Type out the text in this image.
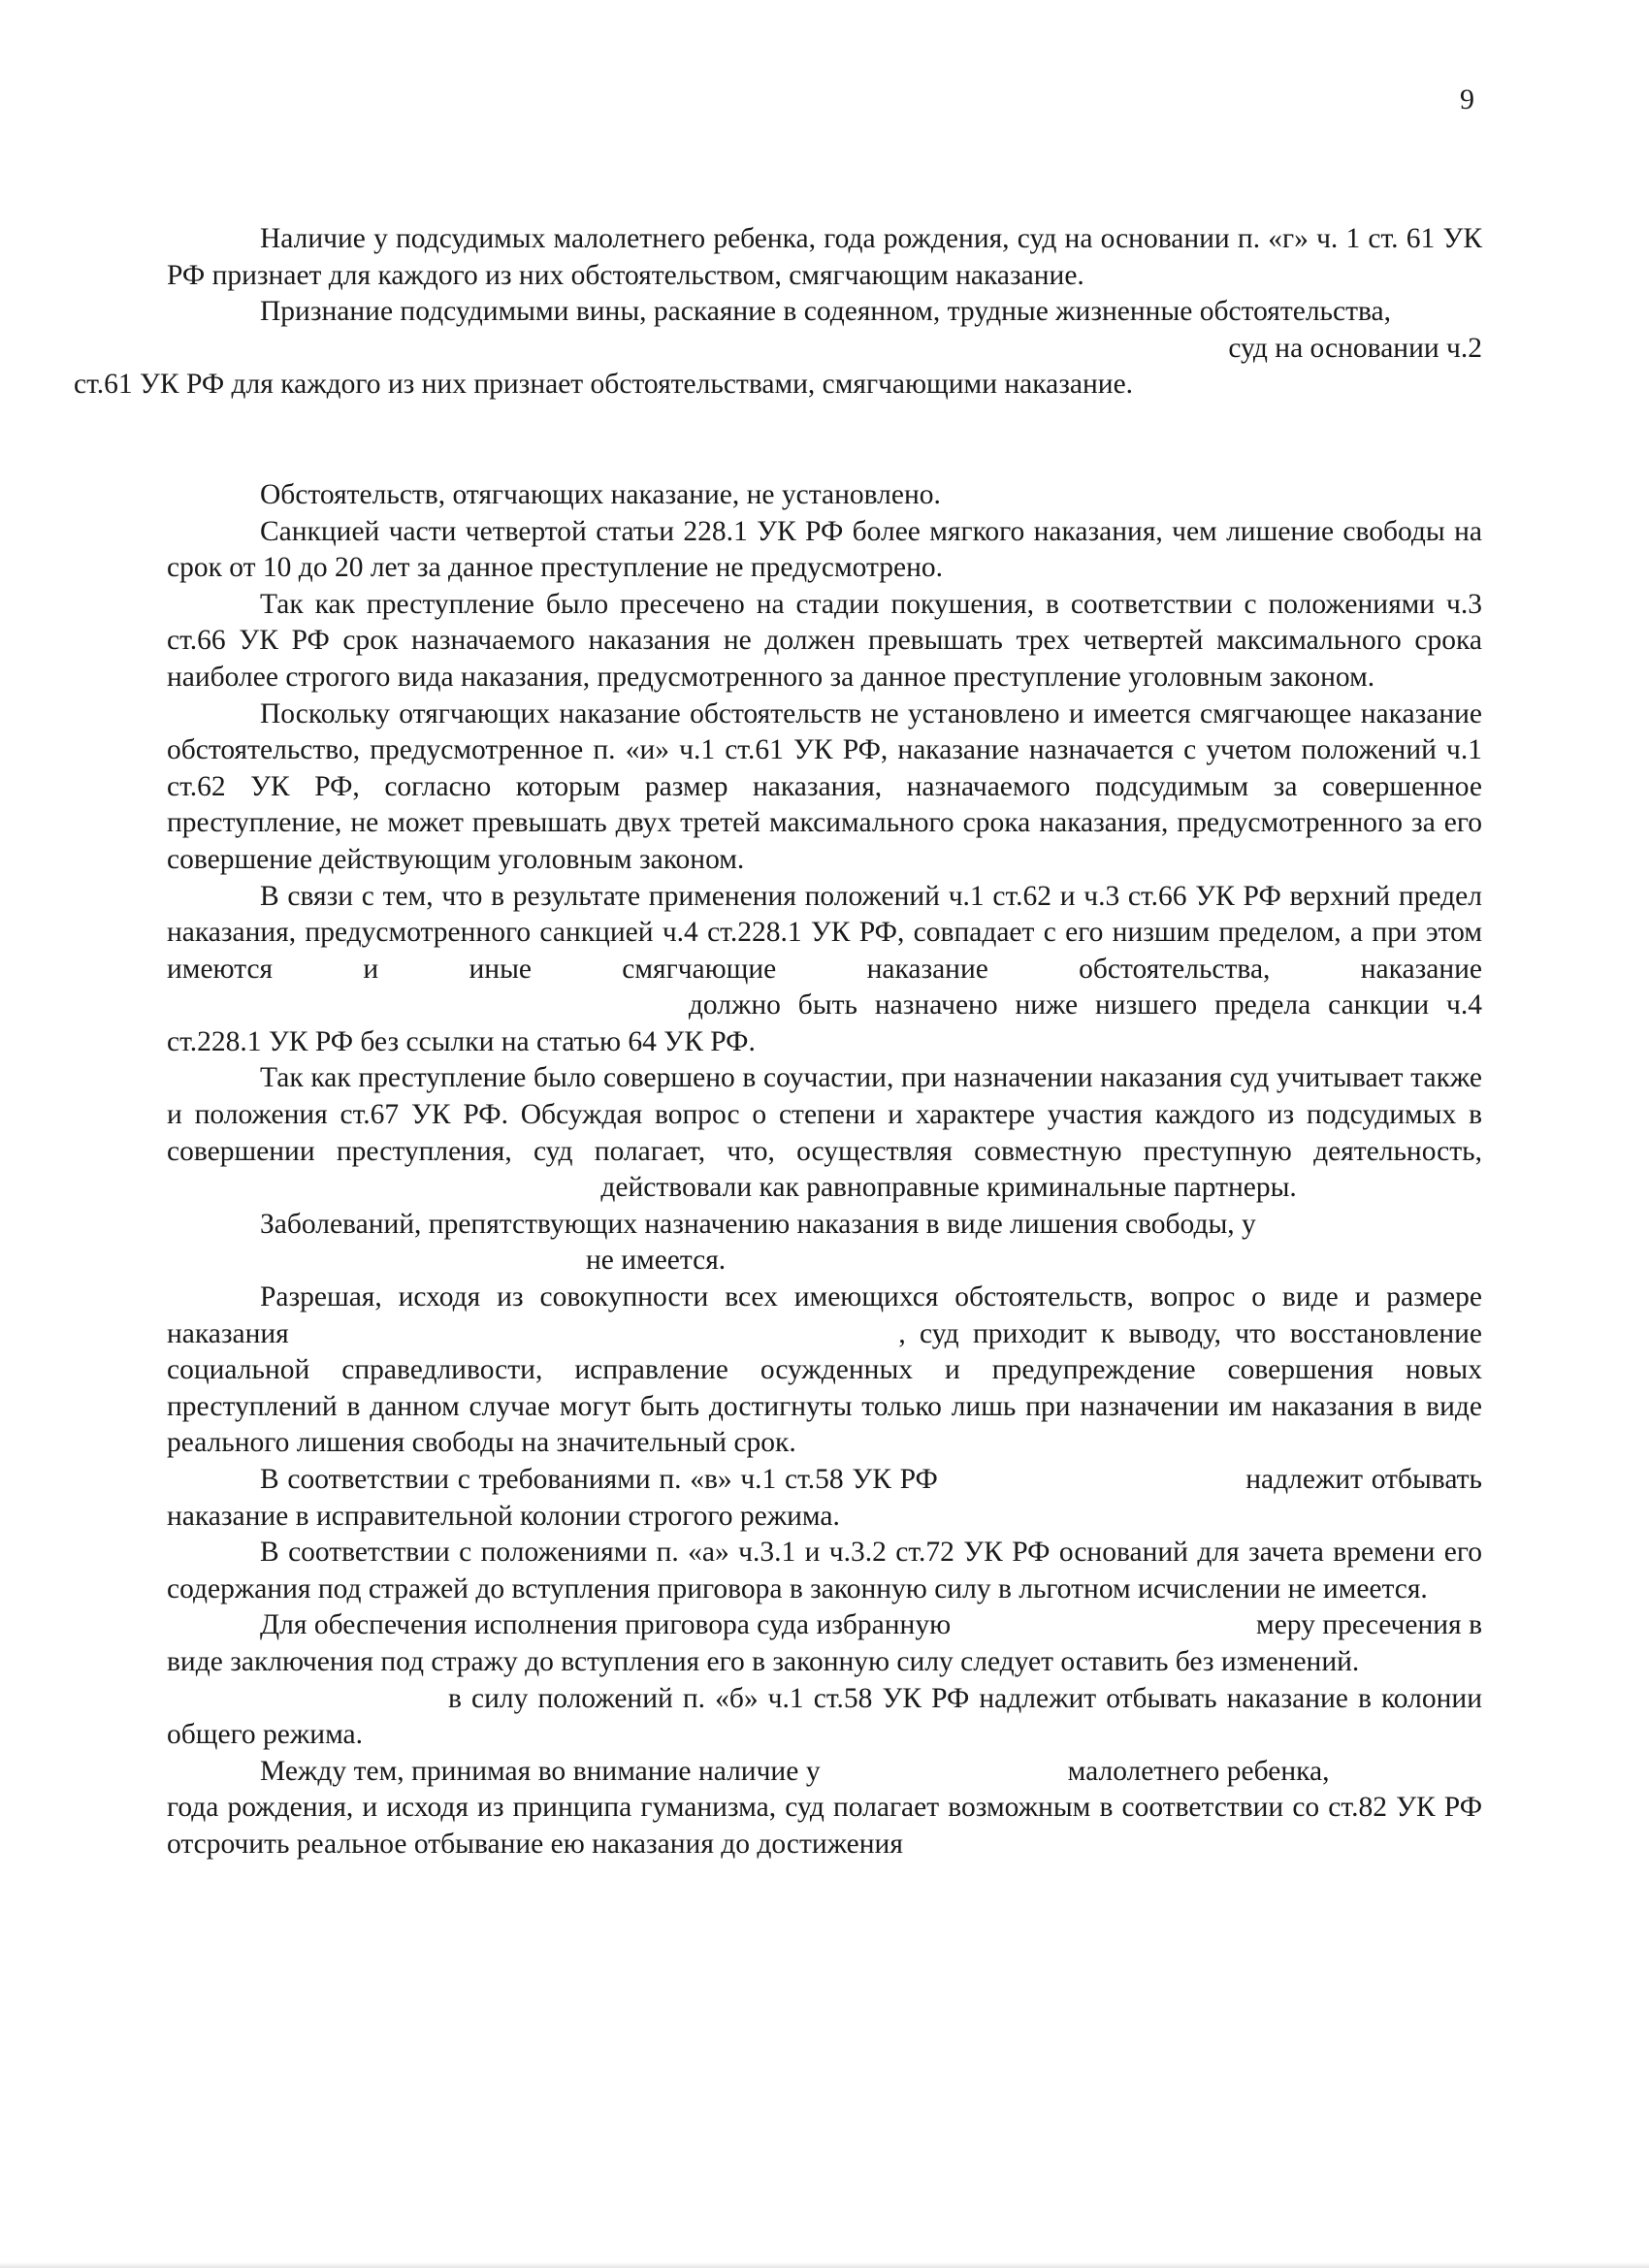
9

Наличие у подсудимых малолетнего ребенка, года рождения, суд на основании п. «г» ч. 1 ст. 61 УК РФ признает для каждого из них обстоятельством, смягчающим наказание.

Признание подсудимыми вины, раскаяние в содеянном, трудные жизненные обстоятельства,
суд на основании ч.2
ст.61 УК РФ для каждого из них признает обстоятельствами, смягчающими наказание.

Обстоятельств, отягчающих наказание, не установлено.

Санкцией части четвертой статьи 228.1 УК РФ более мягкого наказания, чем лишение свободы на срок от 10 до 20 лет за данное преступление не предусмотрено.

Так как преступление было пресечено на стадии покушения, в соответствии с положениями ч.3 ст.66 УК РФ срок назначаемого наказания не должен превышать трех четвертей максимального срока наиболее строгого вида наказания, предусмотренного за данное преступление уголовным законом.

Поскольку отягчающих наказание обстоятельств не установлено и имеется смягчающее наказание обстоятельство, предусмотренное п. «и» ч.1 ст.61 УК РФ, наказание назначается с учетом положений ч.1 ст.62 УК РФ, согласно которым размер наказания, назначаемого подсудимым за совершенное преступление, не может превышать двух третей максимального срока наказания, предусмотренного за его совершение действующим уголовным законом.

В связи с тем, что в результате применения положений ч.1 ст.62 и ч.3 ст.66 УК РФ верхний предел наказания, предусмотренного санкцией ч.4 ст.228.1 УК РФ, совпадает с его низшим пределом, а при этом имеются и иные смягчающие наказание обстоятельства, наказание  должно быть назначено ниже низшего предела санкции ч.4 ст.228.1 УК РФ без ссылки на статью 64 УК РФ.

Так как преступление было совершено в соучастии, при назначении наказания суд учитывает также и положения ст.67 УК РФ. Обсуждая вопрос о степени и характере участия каждого из подсудимых в совершении преступления, суд полагает, что, осуществляя совместную преступную деятельность,  действовали как равноправные криминальные партнеры.

Заболеваний, препятствующих назначению наказания в виде лишения свободы, у
не имеется.

Разрешая, исходя из совокупности всех имеющихся обстоятельств, вопрос о виде и размере наказания	, суд приходит к выводу, что восстановление социальной справедливости, исправление осужденных и предупреждение совершения новых преступлений в данном случае могут быть достигнуты только лишь при назначении им наказания в виде реального лишения свободы на значительный срок.

В соответствии с требованиями п. «в» ч.1 ст.58 УК РФ	надлежит отбывать наказание в исправительной колонии строгого режима.

В соответствии с положениями п. «а» ч.3.1 и ч.3.2 ст.72 УК РФ оснований для зачета времени его содержания под стражей до вступления приговора в законную силу в льготном исчислении не имеется.

Для обеспечения исполнения приговора суда избранную	меру пресечения в виде заключения под стражу до вступления его в законную силу следует оставить без изменений.

в силу положений п. «б» ч.1 ст.58 УК РФ надлежит отбывать наказание в колонии общего режима.

Между тем, принимая во внимание наличие у	малолетнего ребенка,  года рождения, и исходя из принципа гуманизма, суд полагает возможным в соответствии со ст.82 УК РФ отсрочить реальное отбывание ею наказания до достижения
